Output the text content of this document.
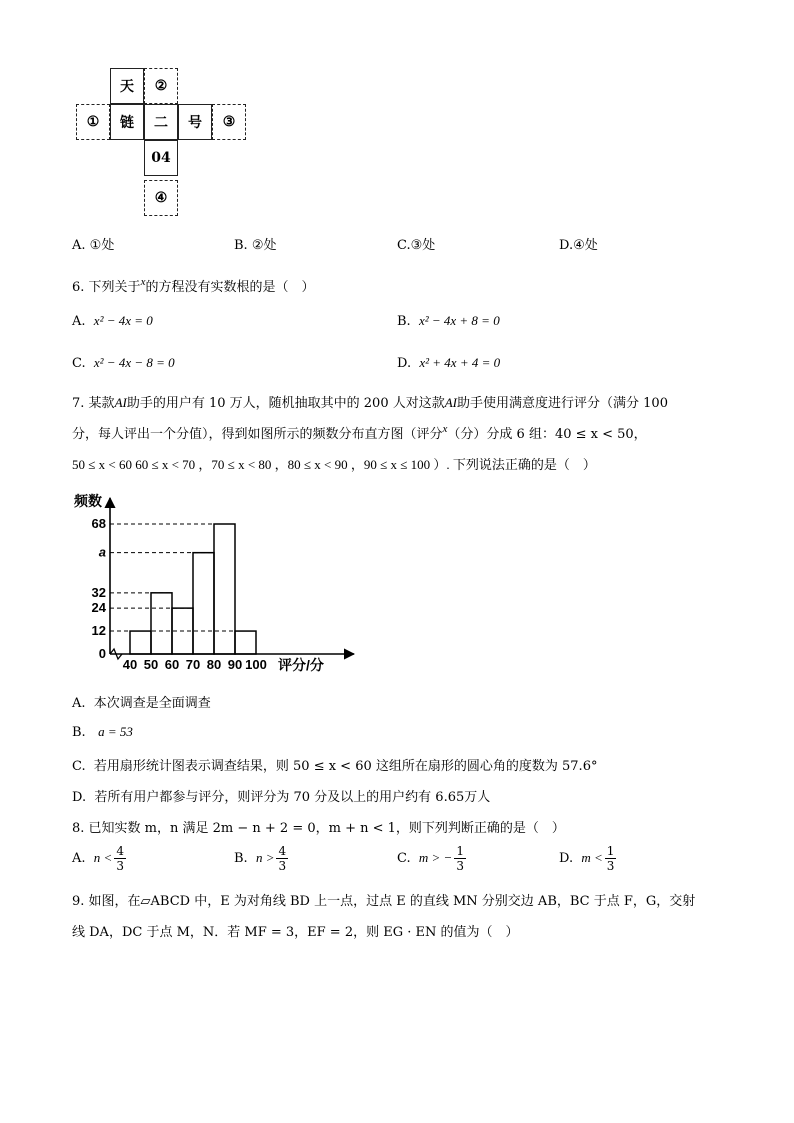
天	②
①	链	二	号	③
04
④
A. ①处	B. ②处	C.③处	D.④处
6. 下列关于$^x$的方程没有实数根的是（　）
A. x² − 4x = 0	B. x² − 4x + 8 = 0
C. x² − 4x − 8 = 0	D. x² + 4x + 4 = 0
7. 某款AI助手的用户有 10 万人，随机抽取其中的 200 人对这款AI助手使用满意度进行评分（满分 100
分，每人评出一个分值），得到如图所示的频数分布直方图（评分$^x$（分）分成 6 组：40 ≤ x < 50，
50 ≤ x < 60 60 ≤ x < 70 ，70 ≤ x < 80 ，80 ≤ x < 90 ，90 ≤ x ≤ 100 ）. 下列说法正确的是（　）
0
12
24
32
a
68
40 50 60 70 80 90 100
频数
评分/分
A. 本次调查是全面调查
B. a = 53
C. 若用扇形统计图表示调查结果，则 50 ≤ x < 60 这组所在扇形的圆心角的度数为 57.6°
D. 若所有用户都参与评分，则评分为 70 分及以上的用户约有 6.65万人
8. 已知实数 m，n 满足 2m − n + 2 = 0，m + n < 1，则下列判断正确的是（　）
A. $n < \frac{4}{3}$	B. $n > \frac{4}{3}$	C. m > − $\frac{1}{3}$	D. $m < \frac{1}{3}$
9. 如图，在▱ABCD 中，E 为对角线 BD 上一点，过点 E 的直线 MN 分别交边 AB，BC 于点 F，G，交射
线 DA，DC 于点 M，N．若 MF = 3，EF = 2，则 EG · EN 的值为（　）
